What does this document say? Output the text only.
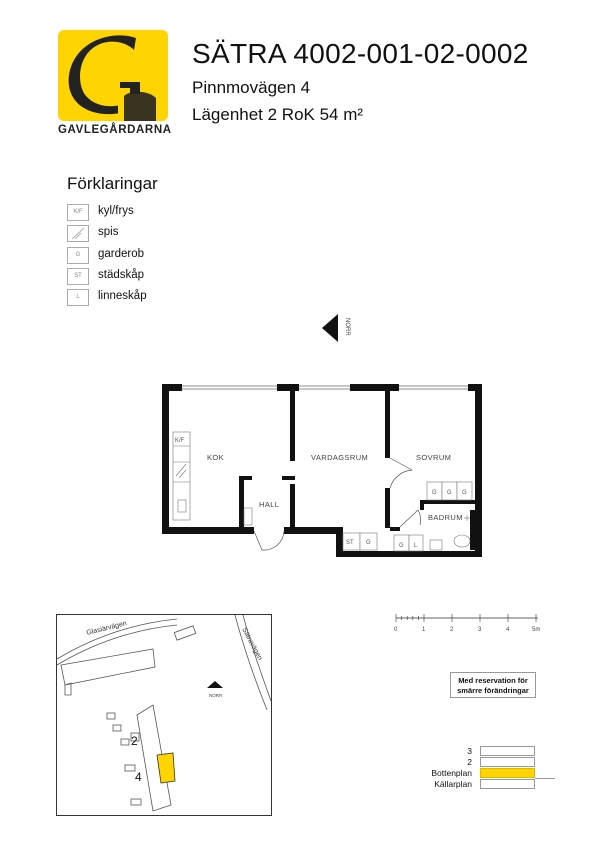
GAVLEGÅRDARNA
SÄTRA 4002-001-02-0002
Pinnmovägen 4
Lägenhet 2 RoK 54 m²
Förklaringar
K/F	kyl/frys
spis
G	garderob
ST	städskåp
L	linneskåp
NORR
K/F
G G G
ST G	G L
KOK	VARDAGSRUM	SOVRUM
HALL
BADRUM
0	1	2	3	4	5m
NORR
Glasiärvägen	Sätravägen
2
4
Med reservation för
smärre förändringar
3
2
Bottenplan
Källarplan
